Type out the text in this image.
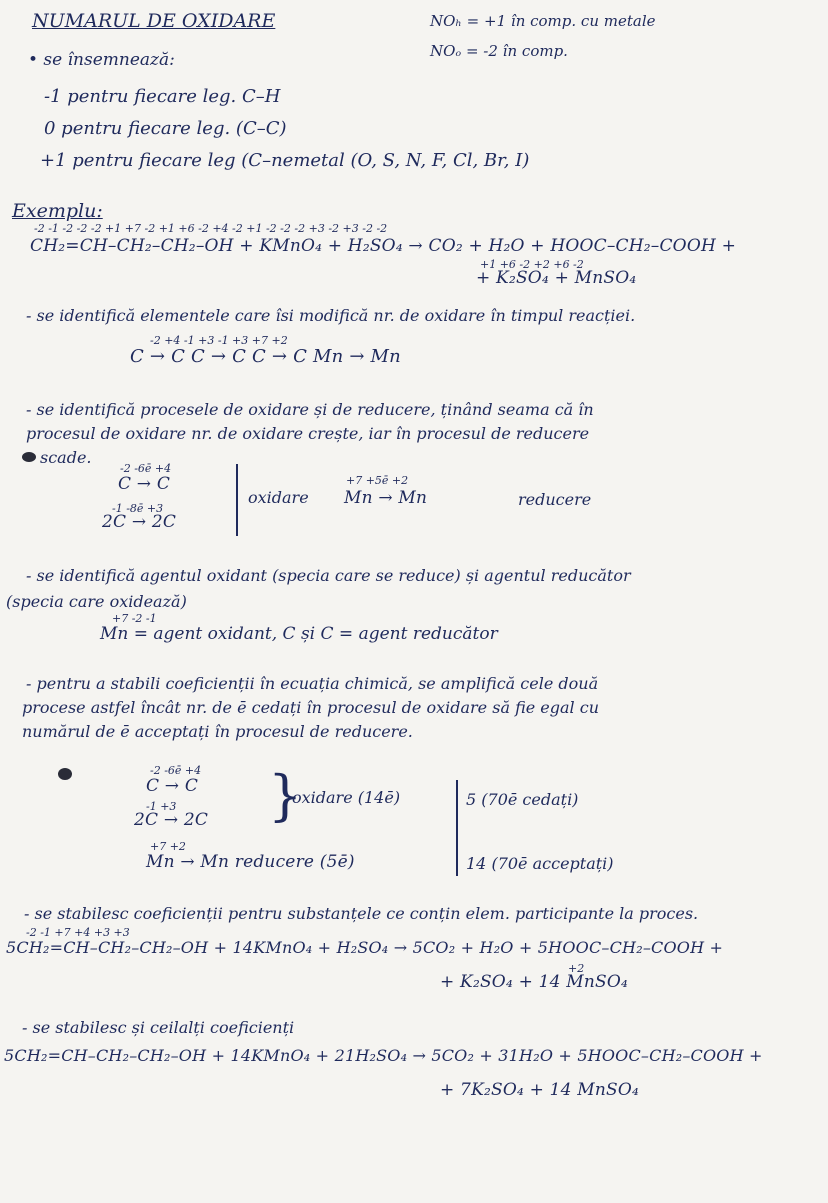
NUMARUL DE OXIDARE	NOₕ = +1 în comp. cu metale
NOₒ = -2 în comp.
• se însemnează:
-1 pentru fiecare leg. C–H
0 pentru fiecare leg. (C–C)
+1 pentru fiecare leg (C–nemetal (O, S, N, F, Cl, Br, I)
Exemplu:
-2 -1 -2 -2 -2 +1 +7 -2 +1 +6 -2 +4 -2 +1 -2 -2 -2 +3 -2 +3 -2 -2
CH₂=CH–CH₂–CH₂–OH + KMnO₄ + H₂SO₄ → CO₂ + H₂O + HOOC–CH₂–COOH +
+1 +6 -2 +2 +6 -2
+ K₂SO₄ + MnSO₄
- se identifică elementele care îsi modifică nr. de oxidare în timpul reacției.
-2 +4 -1 +3 -1 +3 +7 +2
C → C C → C C → C Mn → Mn
- se identifică procesele de oxidare și de reducere, ținând seama că în
procesul de oxidare nr. de oxidare crește, iar în procesul de reducere
scade.
-2 -6ē +4
C → C
-1 -8ē +3
2C → 2C
oxidare
+7 +5ē +2
Mn → Mn	reducere
- se identifică agentul oxidant (specia care se reduce) și agentul reducător
(specia care oxidează)
+7 -2 -1
Mn = agent oxidant, C și C = agent reducător
- pentru a stabili coeficienții în ecuația chimică, se amplifică cele două
procese astfel încât nr. de ē cedați în procesul de oxidare să fie egal cu
numărul de ē acceptați în procesul de reducere.
-2 -6ē +4
C → C
-1 +3
2C → 2C }
oxidare (14ē)
+7 +2
Mn → Mn reducere (5ē)
5 (70ē cedați)
14 (70ē acceptați)
- se stabilesc coeficienții pentru substanțele ce conțin elem. participante la proces.
-2 -1 +7 +4 +3 +3
5CH₂=CH–CH₂–CH₂–OH + 14KMnO₄ + H₂SO₄ → 5CO₂ + H₂O + 5HOOC–CH₂–COOH +
+2
+ K₂SO₄ + 14 MnSO₄
- se stabilesc și ceilalți coeficienți
5CH₂=CH–CH₂–CH₂–OH + 14KMnO₄ + 21H₂SO₄ → 5CO₂ + 31H₂O + 5HOOC–CH₂–COOH +
+ 7K₂SO₄ + 14 MnSO₄
